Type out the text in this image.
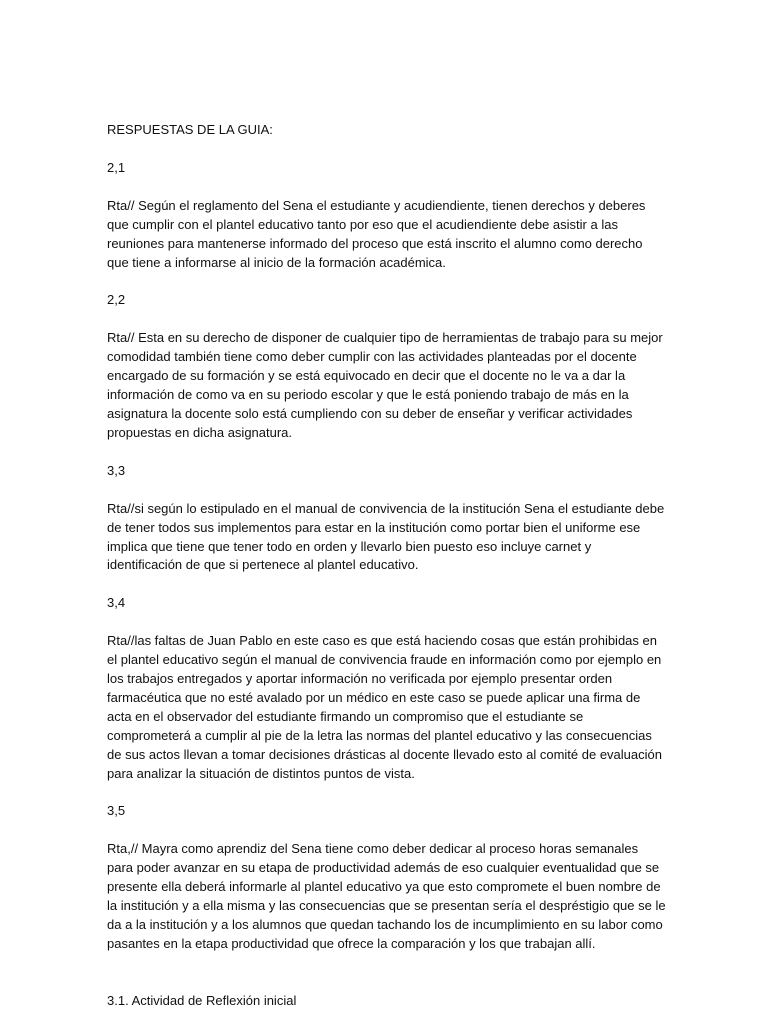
RESPUESTAS DE LA GUIA:

2,1

Rta// Según el reglamento del Sena el estudiante y acudiendiente, tienen derechos y deberes que cumplir con el plantel educativo tanto por eso que el acudiendiente debe asistir a las reuniones para mantenerse informado del proceso que está inscrito el alumno como derecho que tiene a informarse al inicio de la formación académica.

2,2

Rta// Esta en su derecho de disponer de cualquier tipo de herramientas de trabajo para su mejor comodidad también tiene como deber cumplir con las actividades planteadas por el docente encargado de su formación y se está equivocado en decir que el docente no le va a dar la información de como va en su periodo escolar y que le está poniendo trabajo de más en la asignatura la docente solo está cumpliendo con su deber de enseñar y verificar actividades propuestas en dicha asignatura.

3,3

Rta//si según lo estipulado en el manual de convivencia de la institución Sena el estudiante debe de tener todos sus implementos para estar en la institución como portar bien el uniforme ese implica que tiene que tener todo en orden y llevarlo bien puesto eso incluye carnet y identificación de que si pertenece al plantel educativo.

3,4

Rta//las faltas de Juan Pablo en este caso es que está haciendo cosas que están prohibidas en el plantel educativo según el manual de convivencia fraude en información como por ejemplo en los trabajos entregados y aportar información no verificada por ejemplo presentar orden farmacéutica que no esté avalado por un médico en este caso se puede aplicar una firma de acta en el observador del estudiante firmando un compromiso que el estudiante se comprometerá a cumplir al pie de la letra las normas del plantel educativo y las consecuencias de sus actos llevan a tomar decisiones drásticas al docente llevado esto al comité de evaluación para analizar la situación de distintos puntos de vista.

3,5

Rta,// Mayra como aprendiz del Sena tiene como deber dedicar al proceso horas semanales para poder avanzar en su etapa de productividad además de eso cualquier eventualidad que se presente ella deberá informarle al plantel educativo ya que esto compromete el buen nombre de la institución y a ella misma y las consecuencias que se presentan sería el despréstigio que se le da a la institución y a los alumnos que quedan tachando los de incumplimiento en su labor como pasantes en la etapa productividad que ofrece la comparación y los que trabajan allí.

3.1. Actividad de Reflexión inicial
